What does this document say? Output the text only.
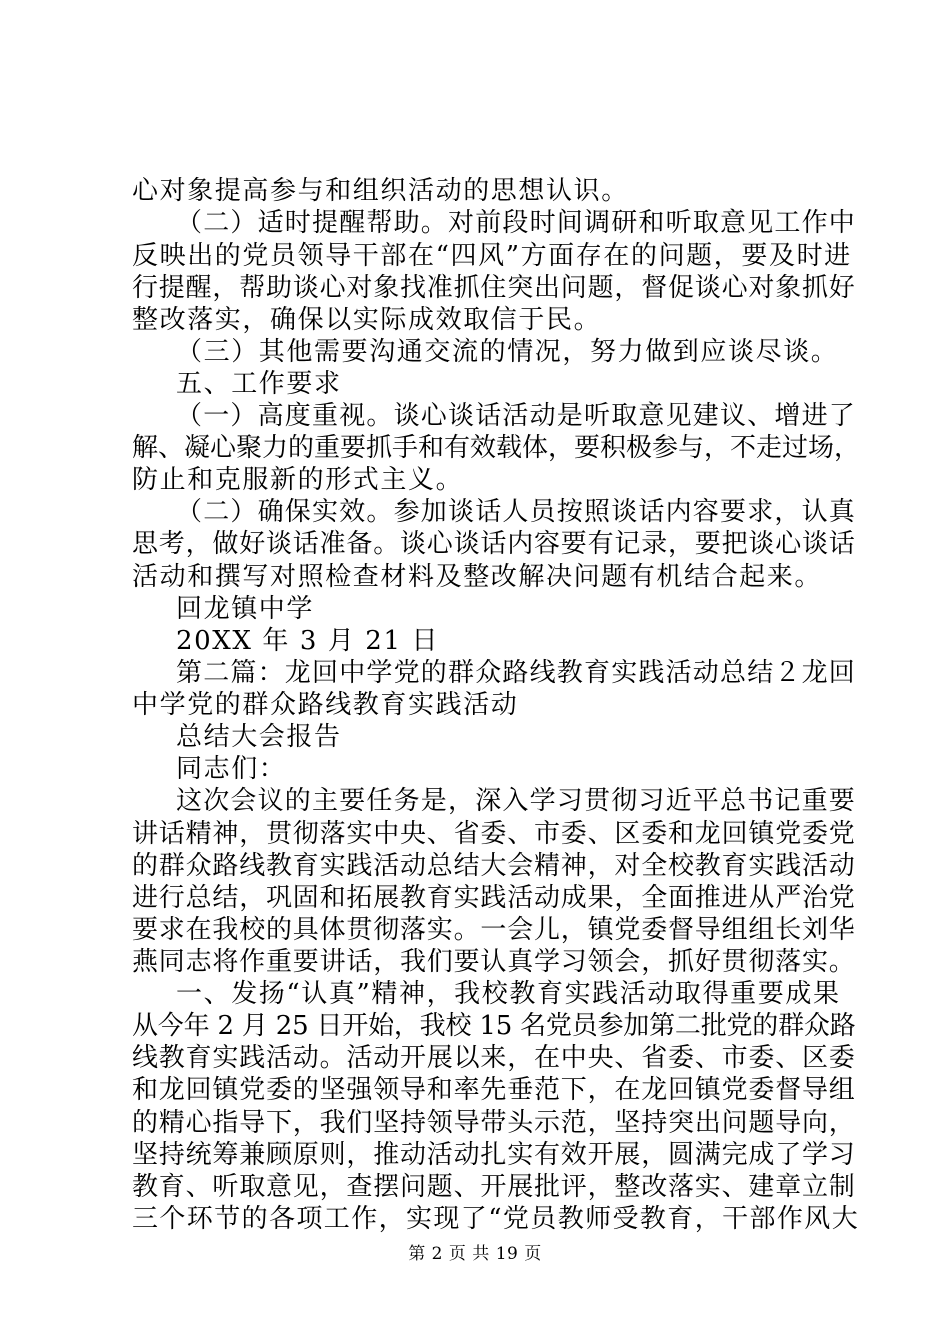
心对象提高参与和组织活动的思想认识。
（二）适时提醒帮助。对前段时间调研和听取意见工作中
反映出的党员领导干部在“四风”方面存在的问题，要及时进
行提醒，帮助谈心对象找准抓住突出问题，督促谈心对象抓好
整改落实，确保以实际成效取信于民。
（三）其他需要沟通交流的情况，努力做到应谈尽谈。
五、工作要求
（一）高度重视。谈心谈话活动是听取意见建议、增进了
解、凝心聚力的重要抓手和有效载体，要积极参与，不走过场，
防止和克服新的形式主义。
（二）确保实效。参加谈话人员按照谈话内容要求，认真
思考，做好谈话准备。谈心谈话内容要有记录，要把谈心谈话
活动和撰写对照检查材料及整改解决问题有机结合起来。
回龙镇中学
20XX 年 3 月 21 日
第二篇：龙回中学党的群众路线教育实践活动总结２龙回
中学党的群众路线教育实践活动
总结大会报告
同志们：
这次会议的主要任务是，深入学习贯彻习近平总书记重要
讲话精神，贯彻落实中央、省委、市委、区委和龙回镇党委党
的群众路线教育实践活动总结大会精神，对全校教育实践活动
进行总结，巩固和拓展教育实践活动成果，全面推进从严治党
要求在我校的具体贯彻落实。一会儿，镇党委督导组组长刘华
燕同志将作重要讲话，我们要认真学习领会，抓好贯彻落实。
一、发扬“认真”精神，我校教育实践活动取得重要成果
从今年 2 月 25 日开始，我校 15 名党员参加第二批党的群众路
线教育实践活动。活动开展以来，在中央、省委、市委、区委
和龙回镇党委的坚强领导和率先垂范下，在龙回镇党委督导组
的精心指导下，我们坚持领导带头示范，坚持突出问题导向，
坚持统筹兼顾原则，推动活动扎实有效开展，圆满完成了学习
教育、听取意见，查摆问题、开展批评，整改落实、建章立制
三个环节的各项工作，实现了“党员教师受教育，干部作风大
第 2 页 共 19 页
